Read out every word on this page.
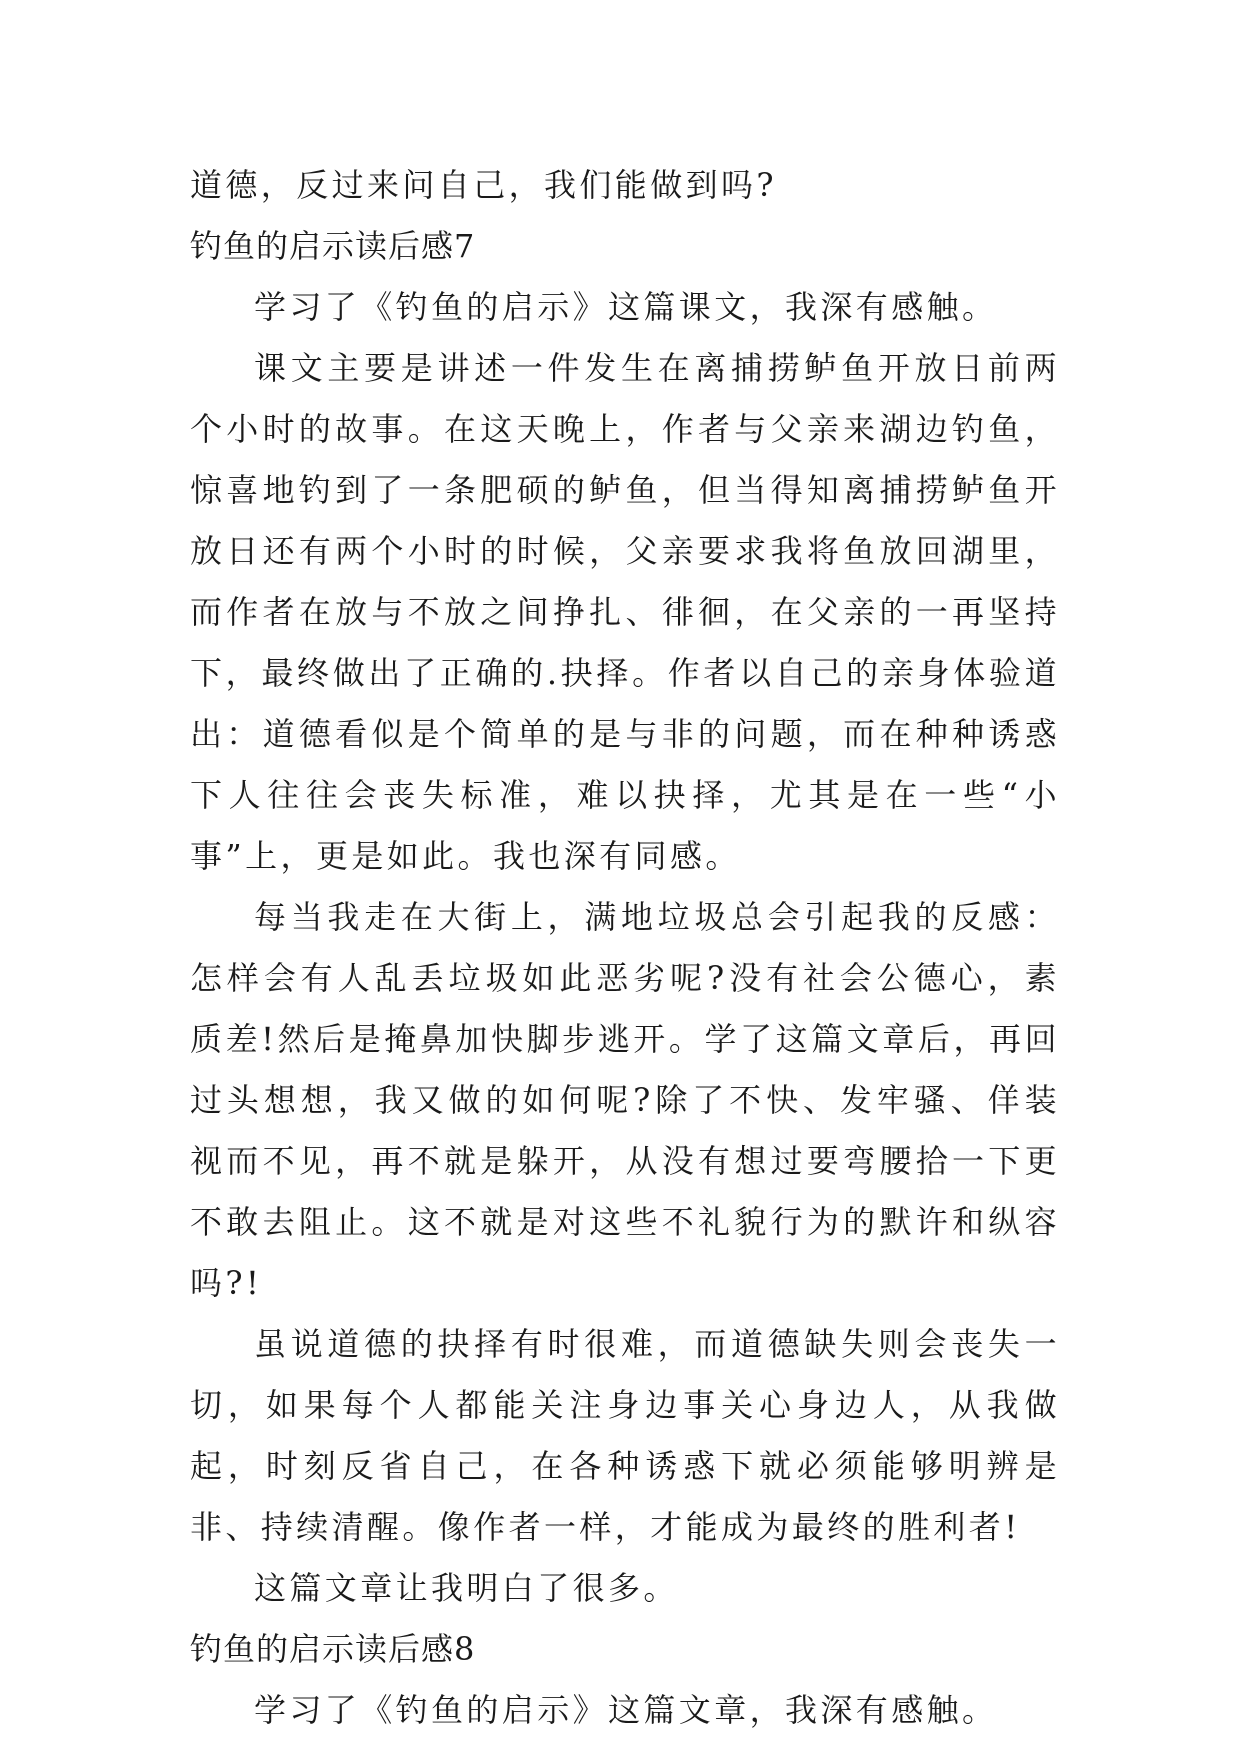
道德，反过来问自己，我们能做到吗?

钓鱼的启示读后感7

学习了《钓鱼的启示》这篇课文，我深有感触。

课文主要是讲述一件发生在离捕捞鲈鱼开放日前两个小时的故事。在这天晚上，作者与父亲来湖边钓鱼，惊喜地钓到了一条肥硕的鲈鱼，但当得知离捕捞鲈鱼开放日还有两个小时的时候，父亲要求我将鱼放回湖里，而作者在放与不放之间挣扎、徘徊，在父亲的一再坚持下，最终做出了正确的.抉择。作者以自己的亲身体验道出：道德看似是个简单的是与非的问题，而在种种诱惑下人往往会丧失标准，难以抉择，尤其是在一些“小事”上，更是如此。我也深有同感。

每当我走在大街上，满地垃圾总会引起我的反感：怎样会有人乱丢垃圾如此恶劣呢?没有社会公德心，素质差!然后是掩鼻加快脚步逃开。学了这篇文章后，再回过头想想，我又做的如何呢?除了不快、发牢骚、佯装视而不见，再不就是躲开，从没有想过要弯腰拾一下更不敢去阻止。这不就是对这些不礼貌行为的默许和纵容吗?!

虽说道德的抉择有时很难，而道德缺失则会丧失一切，如果每个人都能关注身边事关心身边人，从我做起，时刻反省自己，在各种诱惑下就必须能够明辨是非、持续清醒。像作者一样，才能成为最终的胜利者!

这篇文章让我明白了很多。

钓鱼的启示读后感8

学习了《钓鱼的启示》这篇文章，我深有感触。
